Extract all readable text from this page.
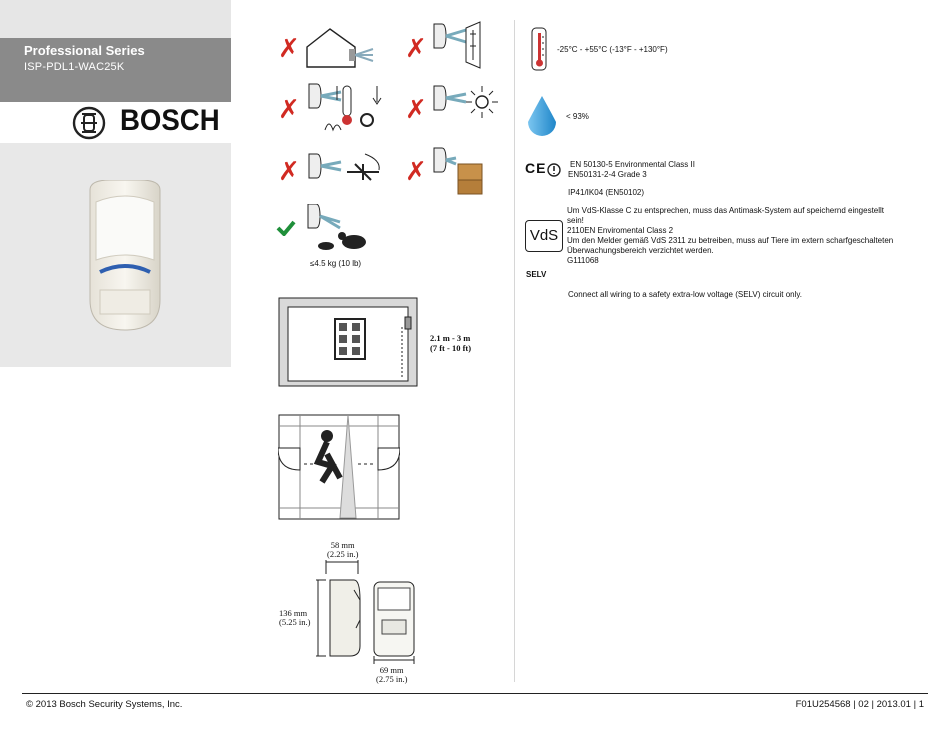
Professional Series
ISP-PDL1-WAC25K
BOSCH
✗	✗
✗	✗
✗	✗
≤4.5 kg (10 lb)
2.1 m - 3 m
(7 ft - 10 ft)
58 mm
(2.25 in.)
136 mm
(5.25 in.)
69 mm
(2.75 in.)
-25°C - +55°C (-13°F - +130°F)
< 93%
CE	EN 50130-5 Environmental Class II
EN50131-2-4 Grade 3
IP41/IK04 (EN50102)
VdS
Um VdS-Klasse C zu entsprechen, muss das Antimask-System auf speichernd eingestellt
sein!
2110EN Enviromental Class 2
Um den Melder gemäß VdS 2311 zu betreiben, muss auf Tiere im extern scharfgeschalteten
Überwachungsbereich verzichtet werden.
G111068
SELV
Connect all wiring to a safety extra-low voltage (SELV) circuit only.
© 2013 Bosch Security Systems, Inc.	F01U254568 | 02 | 2013.01 | 1
